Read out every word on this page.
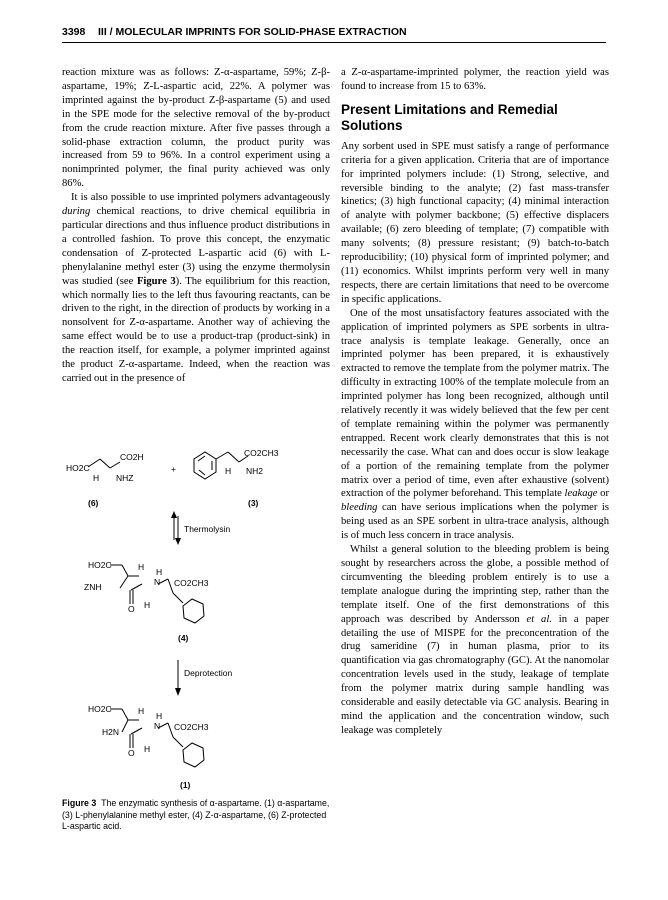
3398 III / MOLECULAR IMPRINTS FOR SOLID-PHASE EXTRACTION

reaction mixture was as follows: Z-α-aspartame, 59%; Z-β-aspartame, 19%; Z-L-aspartic acid, 22%. A polymer was imprinted against the by-product Z-β-aspartame (5) and used in the SPE mode for the selective removal of the by-product from the crude reaction mixture. After five passes through a solid-phase extraction column, the product purity was increased from 59 to 96%. In a control experiment using a nonimprinted polymer, the final purity achieved was only 86%.

It is also possible to use imprinted polymers advantageously during chemical reactions, to drive chemical equilibria in particular directions and thus influence product distributions in a controlled fashion. To prove this concept, the enzymatic condensation of Z-protected L-aspartic acid (6) with L-phenylalanine methyl ester (3) using the enzyme thermolysin was studied (see Figure 3). The equilibrium for this reaction, which normally lies to the left thus favouring reactants, can be driven to the right, in the direction of products by working in a nonsolvent for Z-α-aspartame. Another way of achieving the same effect would be to use a product-trap (product-sink) in the reaction itself, for example, a polymer imprinted against the product Z-α-aspartame. Indeed, when the reaction was carried out in the presence of

HO2C
CO2H
H NHZ
+
CO2CH3
H NH2
(6)	(3)
Thermolysin
HO2C	H H
N CO2CH3
ZNH
O H
(4)
Deprotection
HO2C	H H
N CO2CH3
H2N
O H
(1)
Figure 3 The enzymatic synthesis of α-aspartame. (1) α-aspartame, (3) L-phenylalanine methyl ester, (4) Z-α-aspartame, (6) Z-protected L-aspartic acid.

a Z-α-aspartame-imprinted polymer, the reaction yield was found to increase from 15 to 63%.

Present Limitations and Remedial Solutions

Any sorbent used in SPE must satisfy a range of performance criteria for a given application. Criteria that are of importance for imprinted polymers include: (1) Strong, selective, and reversible binding to the analyte; (2) fast mass-transfer kinetics; (3) high functional capacity; (4) minimal interaction of analyte with polymer backbone; (5) effective displacers available; (6) zero bleeding of template; (7) compatible with many solvents; (8) pressure resistant; (9) batch-to-batch reproducibility; (10) physical form of imprinted polymer; and (11) economics. Whilst imprints perform very well in many respects, there are certain limitations that need to be overcome in specific applications.

One of the most unsatisfactory features associated with the application of imprinted polymers as SPE sorbents in ultra-trace analysis is template leakage. Generally, once an imprinted polymer has been prepared, it is exhaustively extracted to remove the template from the polymer matrix. The difficulty in extracting 100% of the template molecule from an imprinted polymer has long been recognized, although until relatively recently it was widely believed that the few per cent of template remaining within the polymer was permanently entrapped. Recent work clearly demonstrates that this is not necessarily the case. What can and does occur is slow leakage of a portion of the remaining template from the polymer matrix over a period of time, even after exhaustive (solvent) extraction of the polymer beforehand. This template leakage or bleeding can have serious implications when the polymer is being used as an SPE sorbent in ultra-trace analysis, although is of much less concern in trace analysis.

Whilst a general solution to the bleeding problem is being sought by researchers across the globe, a possible method of circumventing the bleeding problem entirely is to use a template analogue during the imprinting step, rather than the template itself. One of the first demonstrations of this approach was described by Andersson et al. in a paper detailing the use of MISPE for the preconcentration of the drug sameridine (7) in human plasma, prior to its quantification via gas chromatography (GC). At the nanomolar concentration levels used in the study, leakage of template from the polymer matrix during sample handling was considerable and easily detectable via GC analysis. Bearing in mind the application and the concentration window, such leakage was completely
